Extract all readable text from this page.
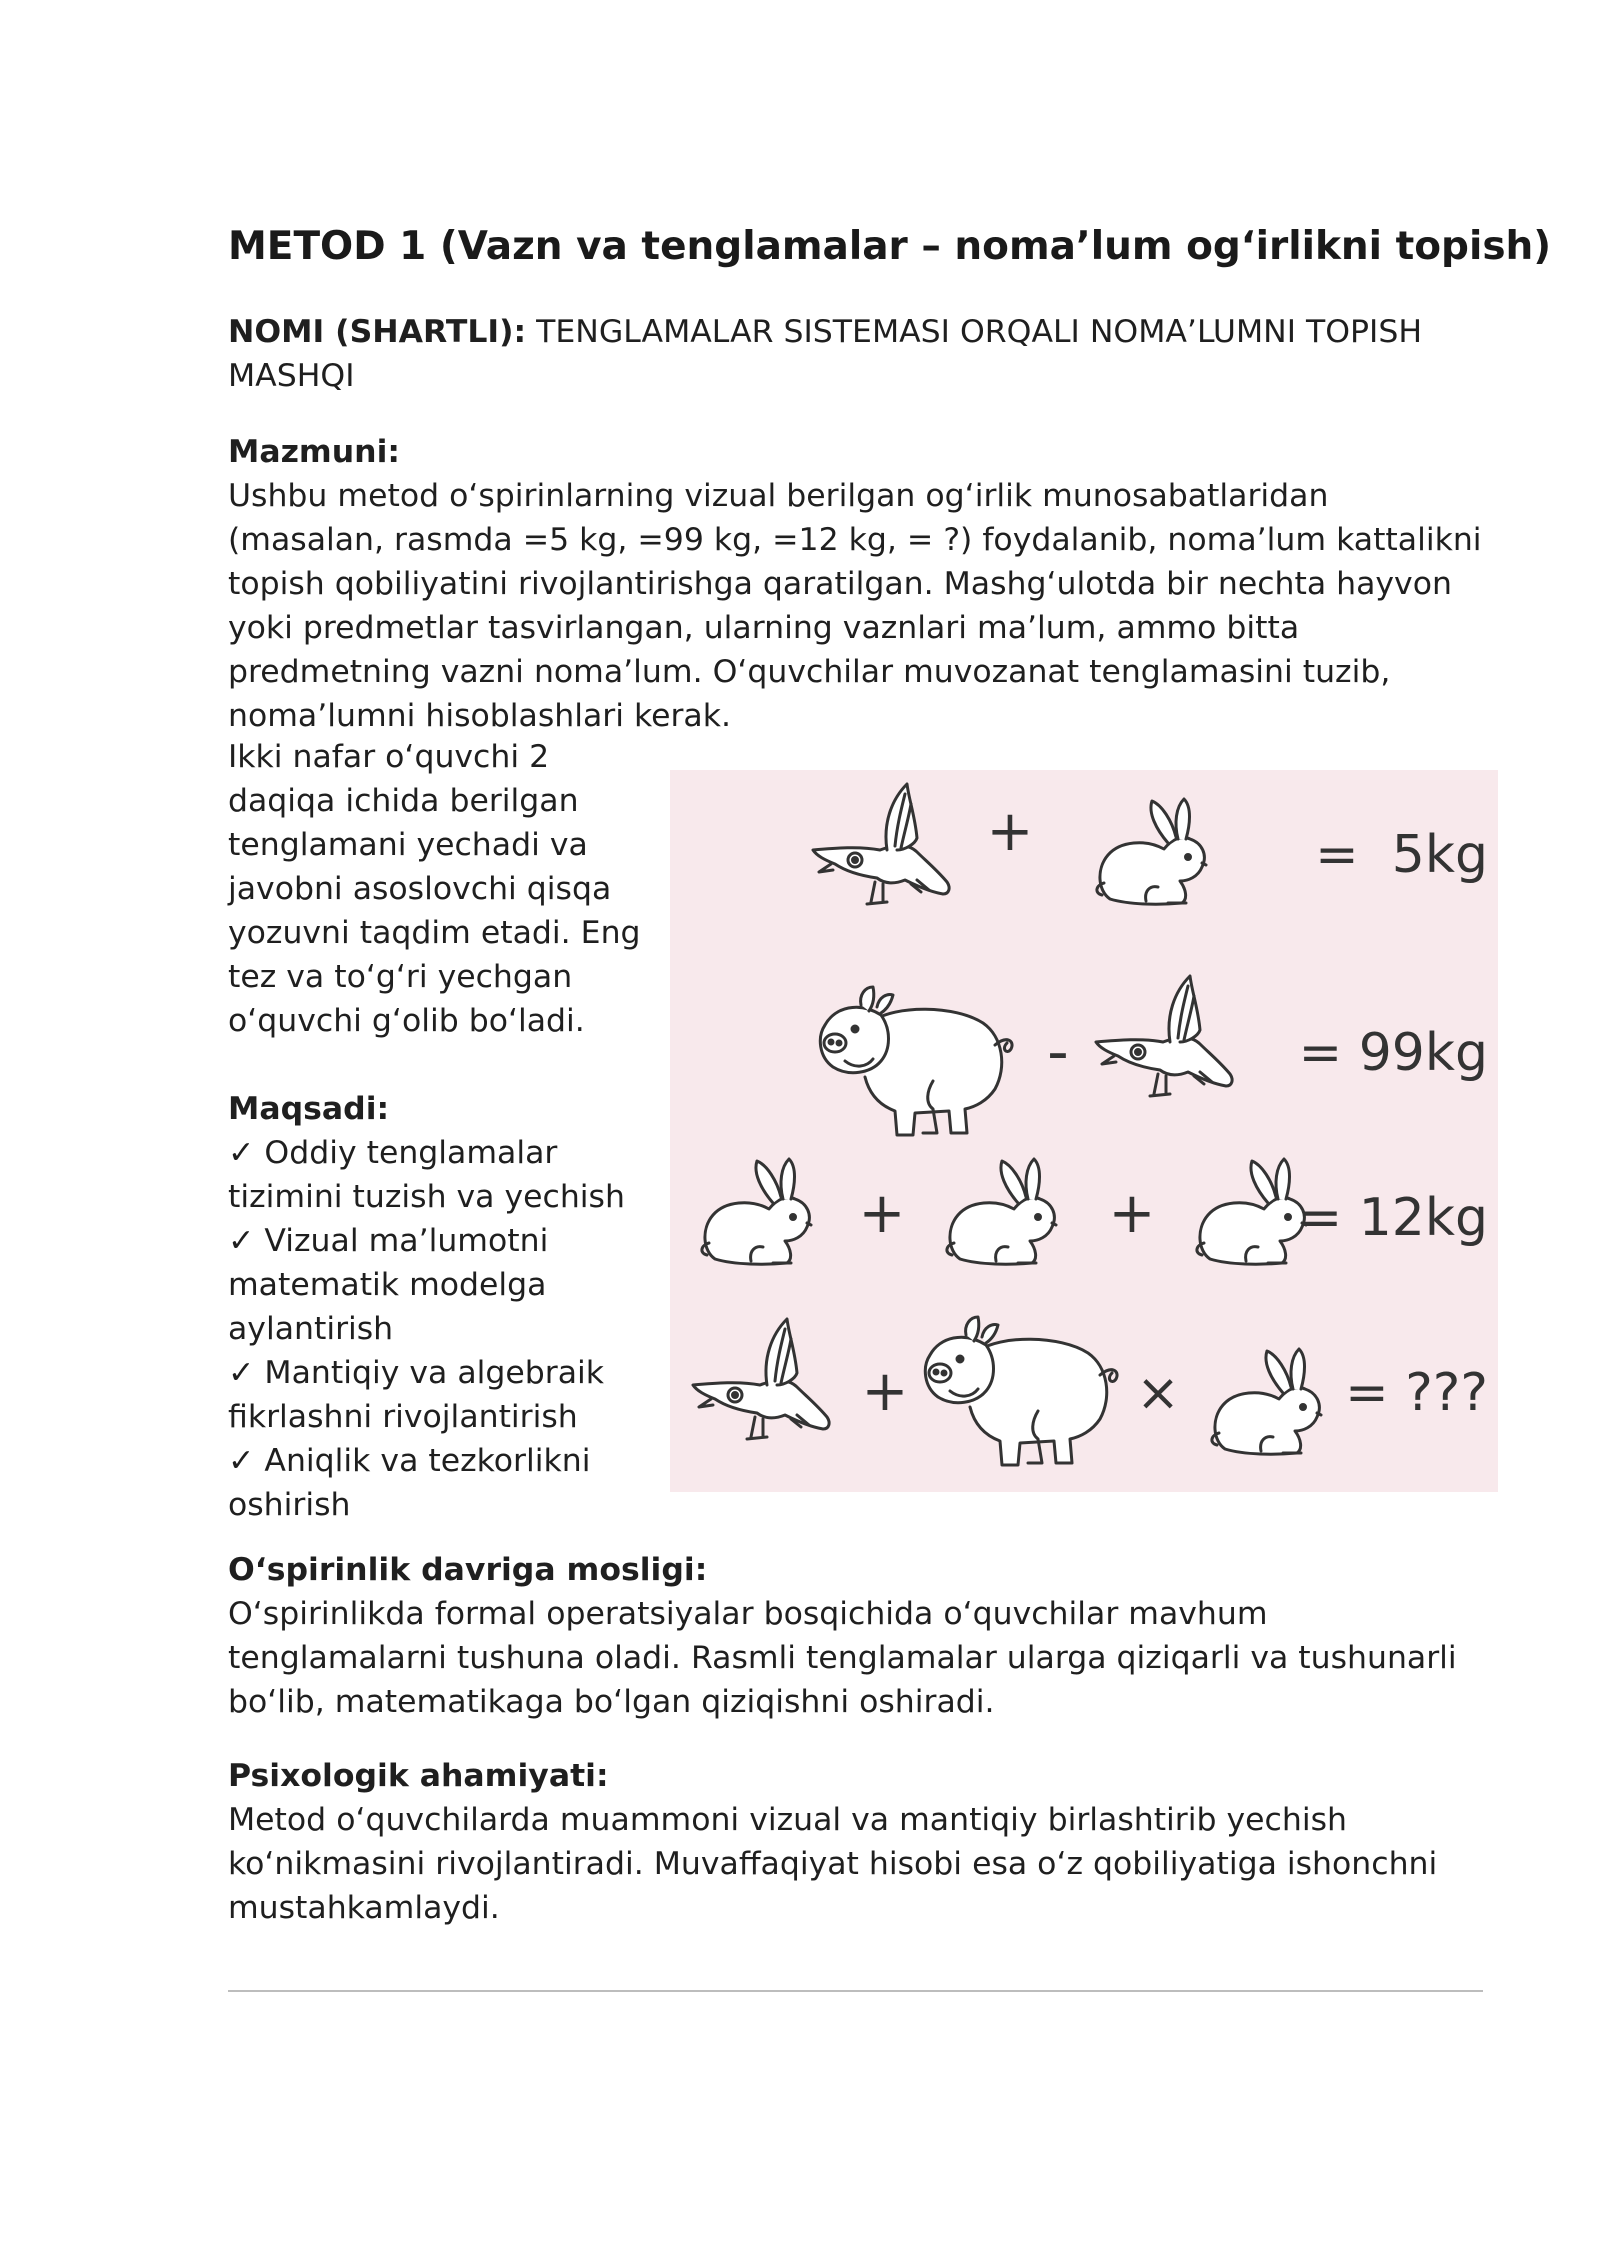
METOD 1 (Vazn va tenglamalar – noma’lum og‘irlikni topish)

NOMI (SHARTLI): TENGLAMALAR SISTEMASI ORQALI NOMA’LUMNI TOPISH MASHQI

Mazmuni:
Ushbu metod o‘spirinlarning vizual berilgan og‘irlik munosabatlaridan (masalan, rasmda =5 kg, =99 kg, =12 kg, = ?) foydalanib, noma’lum kattalikni topish qobiliyatini rivojlantirishga qaratilgan. Mashg‘ulotda bir nechta hayvon yoki predmetlar tasvirlangan, ularning vaznlari ma’lum, ammo bitta predmetning vazni noma’lum. O‘quvchilar muvozanat tenglamasini tuzib, noma’lumni hisoblashlari kerak.
Ikki nafar o‘quvchi 2 daqiqa ichida berilgan tenglamani yechadi va javobni asoslovchi qisqa yozuvni taqdim etadi. Eng tez va to‘g‘ri yechgan o‘quvchi g‘olib bo‘ladi.
Maqsadi:
✓ Oddiy tenglamalar tizimini tuzish va yechish
✓ Vizual ma’lumotni matematik modelga aylantirish
✓ Mantiqiy va algebraik fikrlashni rivojlantirish
✓ Aniqlik va tezkorlikni oshirish
O‘spirinlik davriga mosligi:
O‘spirinlikda formal operatsiyalar bosqichida o‘quvchilar mavhum tenglamalarni tushuna oladi. Rasmli tenglamalar ularga qiziqarli va tushunarli bo‘lib, matematikaga bo‘lgan qiziqishni oshiradi.
Psixologik ahamiyati:
Metod o‘quvchilarda muammoni vizual va mantiqiy birlashtirib yechish ko‘nikmasini rivojlantiradi. Muvaffaqiyat hisobi esa o‘z qobiliyatiga ishonchni mustahkamlaydi.
+	=  5kg
-	= 99kg
+	+	= 12kg
+	×	= ???
